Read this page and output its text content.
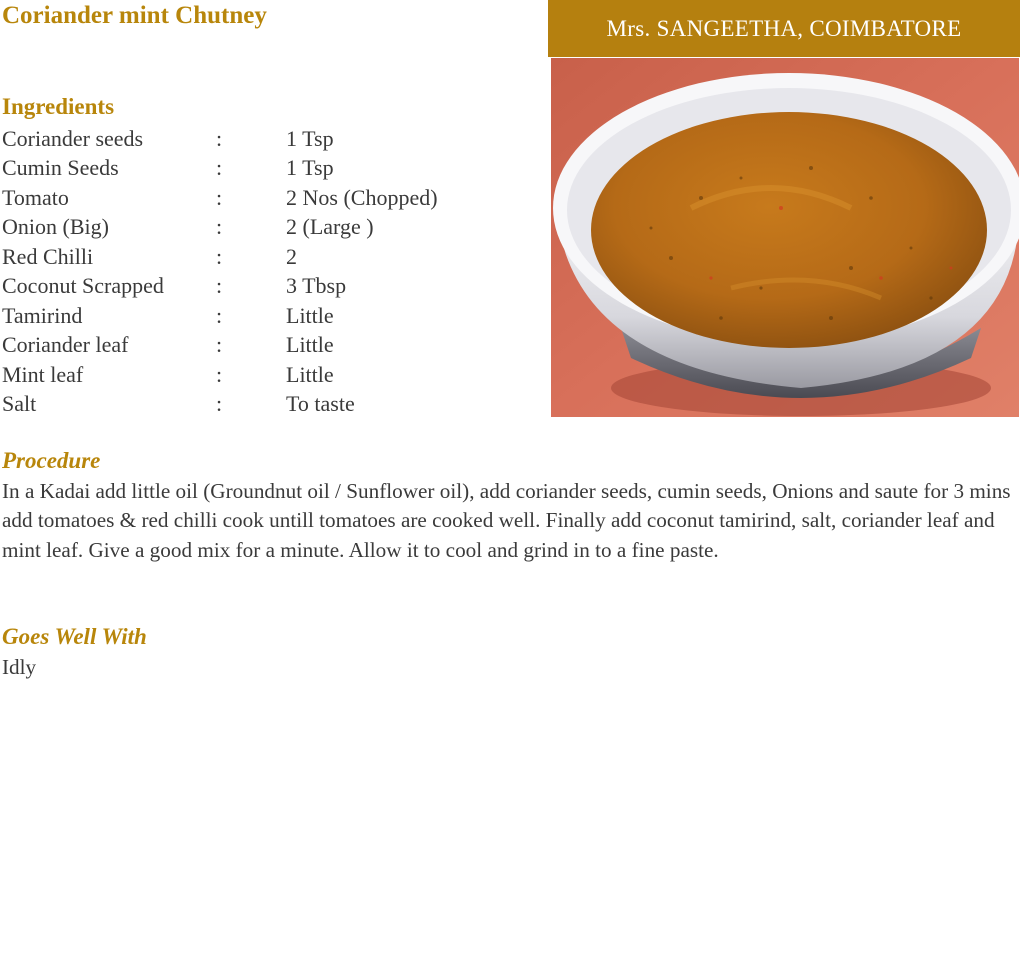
Coriander mint Chutney	Mrs. SANGEETHA, COIMBATORE
Ingredients
Coriander seeds	:	1 Tsp
Cumin Seeds	:	1 Tsp
Tomato	:	2 Nos (Chopped)
Onion (Big)	:	2 (Large )
Red Chilli	:	2
Coconut Scrapped	:	3 Tbsp
Tamirind	:	Little
Coriander leaf	:	Little
Mint leaf	:	Little
Salt	:	To taste
Procedure

In a Kadai add little oil (Groundnut oil / Sunflower oil), add coriander seeds, cumin seeds, Onions and saute for 3 mins add tomatoes & red chilli cook untill tomatoes are cooked well. Finally add coconut tamirind, salt, coriander leaf and mint leaf. Give a good mix for a minute. Allow it to cool and grind in to a fine paste.

Goes Well With

Idly
